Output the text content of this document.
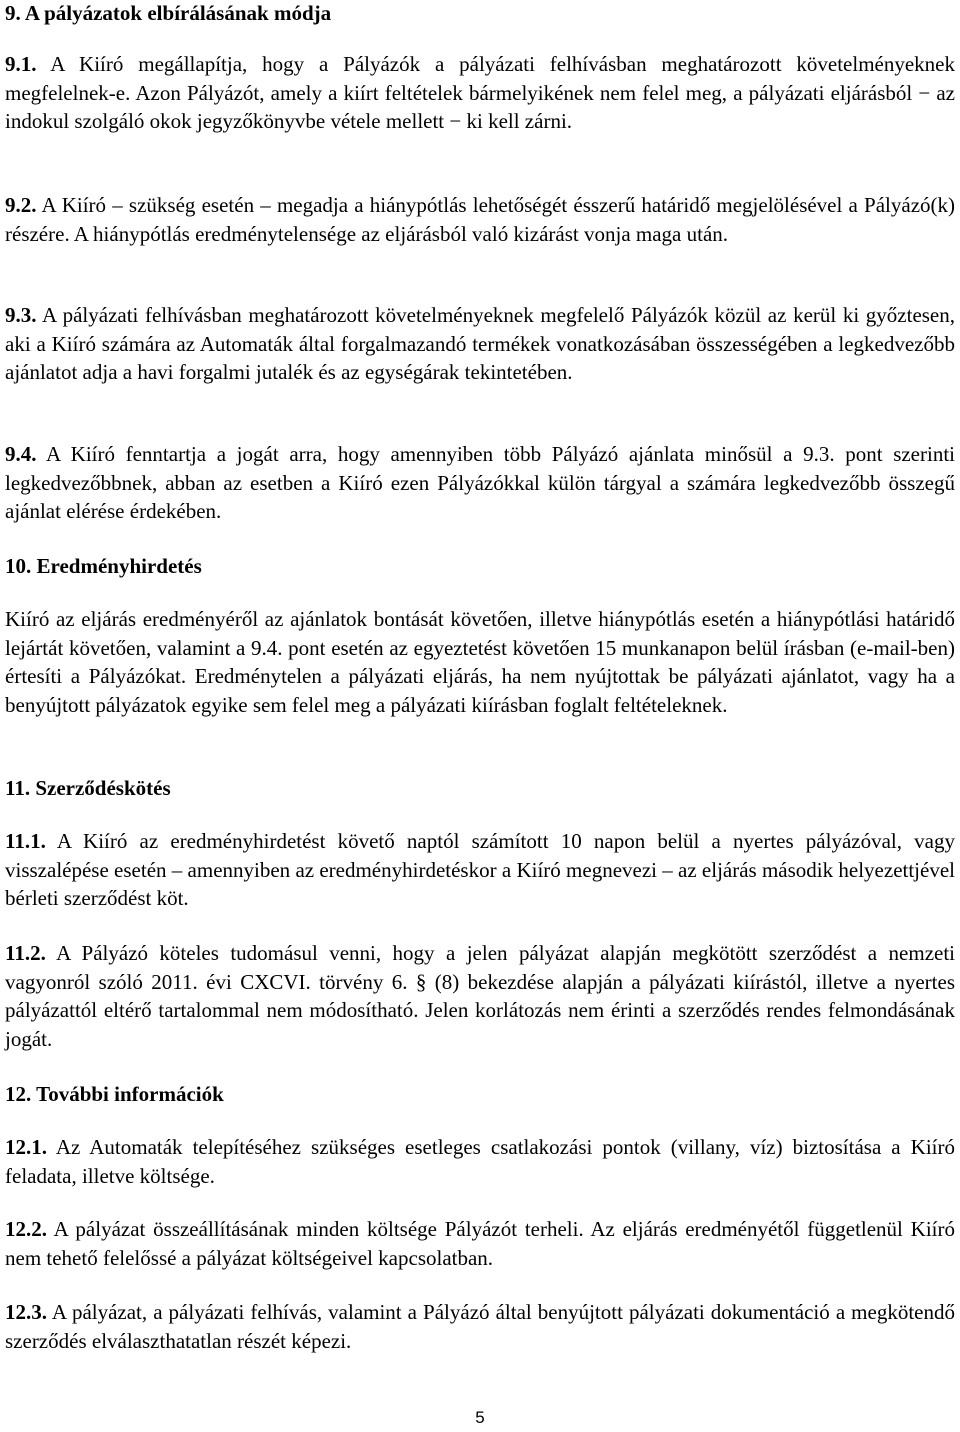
9. A pályázatok elbírálásának módja

9.1. A Kiíró megállapítja, hogy a Pályázók a pályázati felhívásban meghatározott követelményeknek megfelelnek-e. Azon Pályázót, amely a kiírt feltételek bármelyikének nem felel meg, a pályázati eljárásból − az indokul szolgáló okok jegyzőkönyvbe vétele mellett − ki kell zárni.

9.2. A Kiíró – szükség esetén – megadja a hiánypótlás lehetőségét ésszerű határidő megjelölésével a Pályázó(k) részére. A hiánypótlás eredménytelensége az eljárásból való kizárást vonja maga után.

9.3. A pályázati felhívásban meghatározott követelményeknek megfelelő Pályázók közül az kerül ki győztesen, aki a Kiíró számára az Automaták által forgalmazandó termékek vonatkozásában összességében a legkedvezőbb ajánlatot adja a havi forgalmi jutalék és az egységárak tekintetében.

9.4. A Kiíró fenntartja a jogát arra, hogy amennyiben több Pályázó ajánlata minősül a 9.3. pont szerinti legkedvezőbbnek, abban az esetben a Kiíró ezen Pályázókkal külön tárgyal a számára legkedvezőbb összegű ajánlat elérése érdekében.

10. Eredményhirdetés

Kiíró az eljárás eredményéről az ajánlatok bontását követően, illetve hiánypótlás esetén a hiánypótlási határidő lejártát követően, valamint a 9.4. pont esetén az egyeztetést követően 15 munkanapon belül írásban (e-mail-ben) értesíti a Pályázókat. Eredménytelen a pályázati eljárás, ha nem nyújtottak be pályázati ajánlatot, vagy ha a benyújtott pályázatok egyike sem felel meg a pályázati kiírásban foglalt feltételeknek.

11. Szerződéskötés

11.1. A Kiíró az eredményhirdetést követő naptól számított 10 napon belül a nyertes pályázóval, vagy visszalépése esetén – amennyiben az eredményhirdetéskor a Kiíró megnevezi – az eljárás második helyezettjével bérleti szerződést köt.

11.2. A Pályázó köteles tudomásul venni, hogy a jelen pályázat alapján megkötött szerződést a nemzeti vagyonról szóló 2011. évi CXCVI. törvény 6. § (8) bekezdése alapján a pályázati kiírástól, illetve a nyertes pályázattól eltérő tartalommal nem módosítható. Jelen korlátozás nem érinti a szerződés rendes felmondásának jogát.

12. További információk

12.1. Az Automaták telepítéséhez szükséges esetleges csatlakozási pontok (villany, víz) biztosítása a Kiíró feladata, illetve költsége.

12.2. A pályázat összeállításának minden költsége Pályázót terheli. Az eljárás eredményétől függetlenül Kiíró nem tehető felelőssé a pályázat költségeivel kapcsolatban.

12.3. A pályázat, a pályázati felhívás, valamint a Pályázó által benyújtott pályázati dokumentáció a megkötendő szerződés elválaszthatatlan részét képezi.

5
